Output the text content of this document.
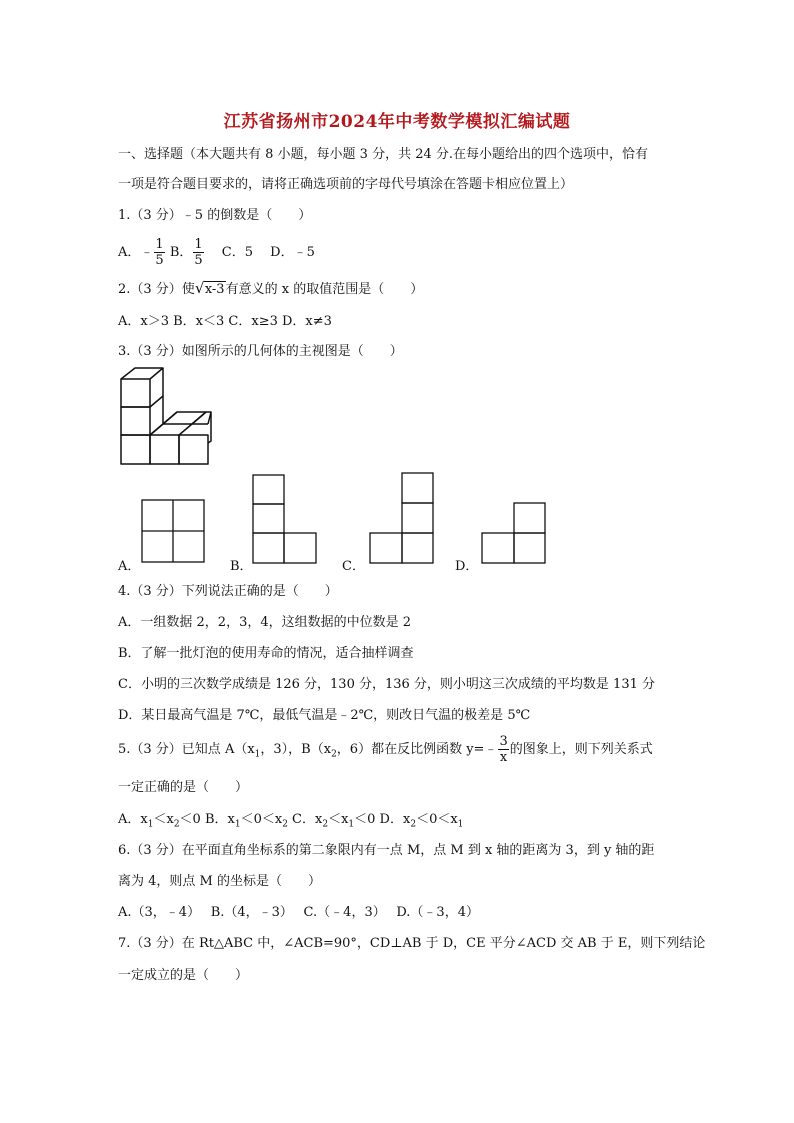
江苏省扬州市2024年中考数学模拟汇编试题
一、选择题（本大题共有 8 小题，每小题 3 分，共 24 分.在每小题给出的四个选项中，恰有
一项是符合题目要求的，请将正确选项前的字母代号填涂在答题卡相应位置上）
1.（3 分）﹣5 的倒数是（　　）
A．﹣ $\frac{1}{5}$ B． $\frac{1}{5}$ 　C．5　 D．﹣5
2.（3 分）使 √ x-3有意义的 x 的取值范围是（　　）
A．x＞3 B．x＜3 C．x≥3 D．x≠3
3.（3 分）如图所示的几何体的主视图是（　　）
A．	B．	C．	D．
4.（3 分）下列说法正确的是（　　）
A．一组数据 2，2，3，4，这组数据的中位数是 2
B．了解一批灯泡的使用寿命的情况，适合抽样调查
C．小明的三次数学成绩是 126 分，130 分，136 分，则小明这三次成绩的平均数是 131 分
D．某日最高气温是 7℃，最低气温是﹣2℃，则改日气温的极差是 5℃
5.（3 分）已知点 $A(x_1$，3），$B(x_2$，6）都在反比例函数 y=﹣ $\frac{3}{x}$ 的图象上，则下列关系式
一定正确的是（　　）
A．$x_1<x_2<0$ B．$x_1<0<x_2$ C．$x_2<x_1<0$ D．$x_2<0<x_1$
6.（3 分）在平面直角坐标系的第二象限内有一点 M，点 M 到 x 轴的距离为 3，到 y 轴的距
离为 4，则点 M 的坐标是（　　）
A.（3，﹣4）　 B.（4，﹣3）　 C.（﹣4，3）　 D.（﹣3，4）
7.（3 分）在 Rt△ABC 中，∠ACB=90°，CD⊥AB 于 D，CE 平分∠ACD 交 AB 于 E，则下列结论
一定成立的是（　　）
